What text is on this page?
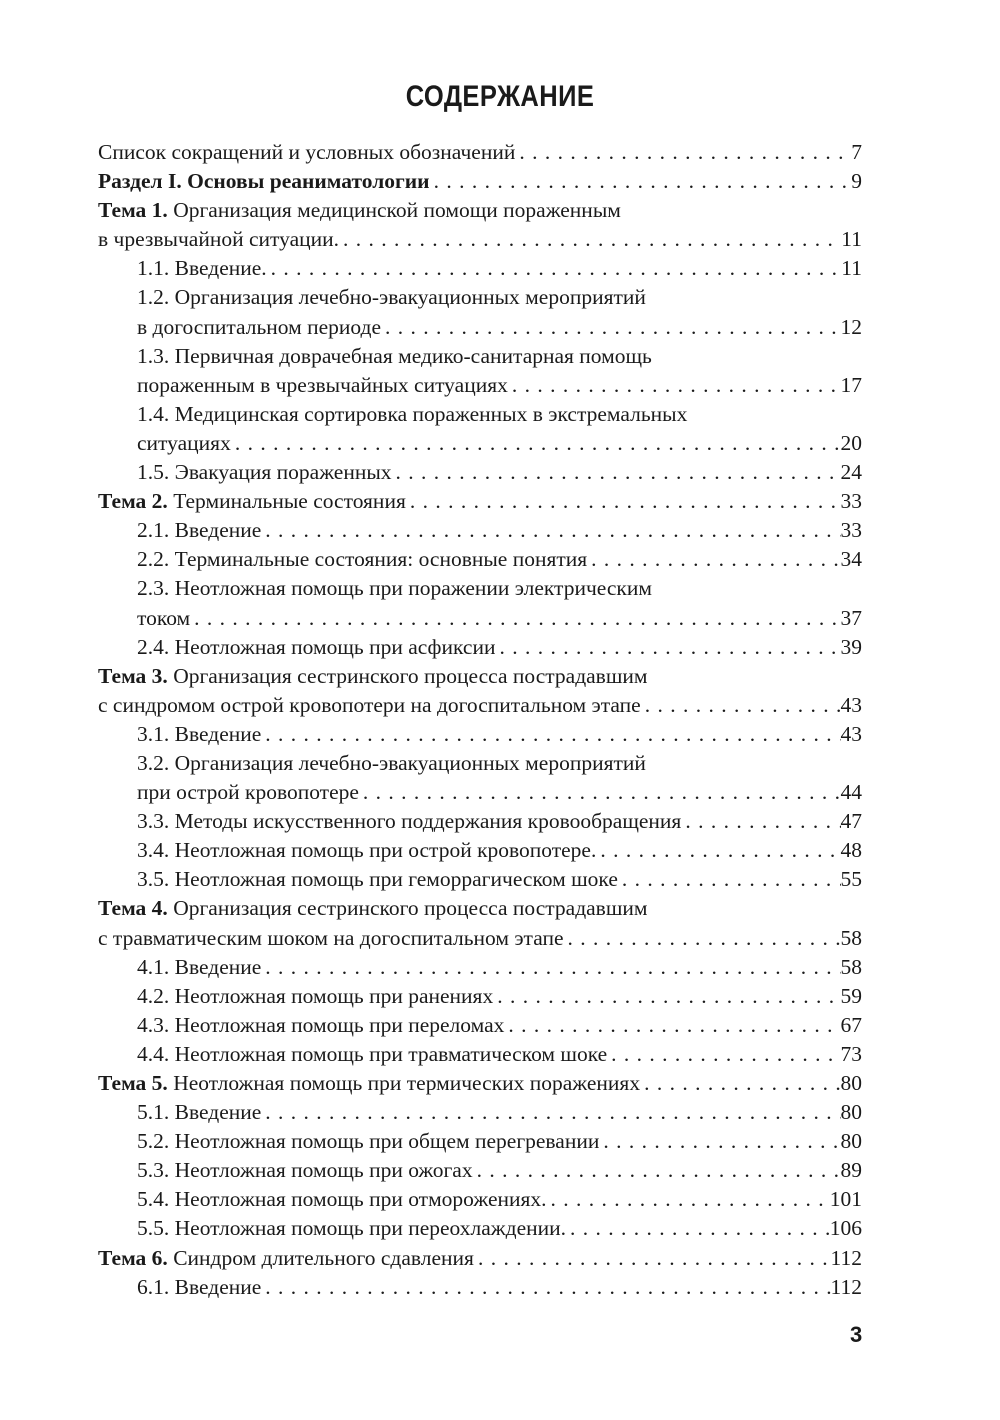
СОДЕРЖАНИЕ
Список сокращений и условных обозначений . . .	7
Раздел I. Основы реаниматологии . . .	9
Тема 1. Организация медицинской помощи пораженным
в чрезвычайной ситуации. . . .	11
1.1. Введение. . . .	11
1.2. Организация лечебно-эвакуационных мероприятий
в догоспитальном периоде . . .	12
1.3. Первичная доврачебная медико-санитарная помощь
пораженным в чрезвычайных ситуациях . . .	17
1.4. Медицинская сортировка пораженных в экстремальных
ситуациях . . .	20
1.5. Эвакуация пораженных . . .	24
Тема 2. Терминальные состояния . . .	33
2.1. Введение . . .	33
2.2. Терминальные состояния: основные понятия . . .	34
2.3. Неотложная помощь при поражении электрическим
током . . .	37
2.4. Неотложная помощь при асфиксии . . .	39
Тема 3. Организация сестринского процесса пострадавшим
с синдромом острой кровопотери на догоспитальном этапе . . .	43
3.1. Введение . . .	43
3.2. Организация лечебно-эвакуационных мероприятий
при острой кровопотере . . .	44
3.3. Методы искусственного поддержания кровообращения . . .	47
3.4. Неотложная помощь при острой кровопотере. . . .	48
3.5. Неотложная помощь при геморрагическом шоке . . .	55
Тема 4. Организация сестринского процесса пострадавшим
с травматическим шоком на догоспитальном этапе . . .	58
4.1. Введение . . .	58
4.2. Неотложная помощь при ранениях . . .	59
4.3. Неотложная помощь при переломах . . .	67
4.4. Неотложная помощь при травматическом шоке . . .	73
Тема 5. Неотложная помощь при термических поражениях . . .	80
5.1. Введение . . .	80
5.2. Неотложная помощь при общем перегревании . . .	80
5.3. Неотложная помощь при ожогах . . .	89
5.4. Неотложная помощь при отморожениях. . . .	101
5.5. Неотложная помощь при переохлаждении. . . .	106
Тема 6. Синдром длительного сдавления . . .	112
6.1. Введение . . .	112
3
